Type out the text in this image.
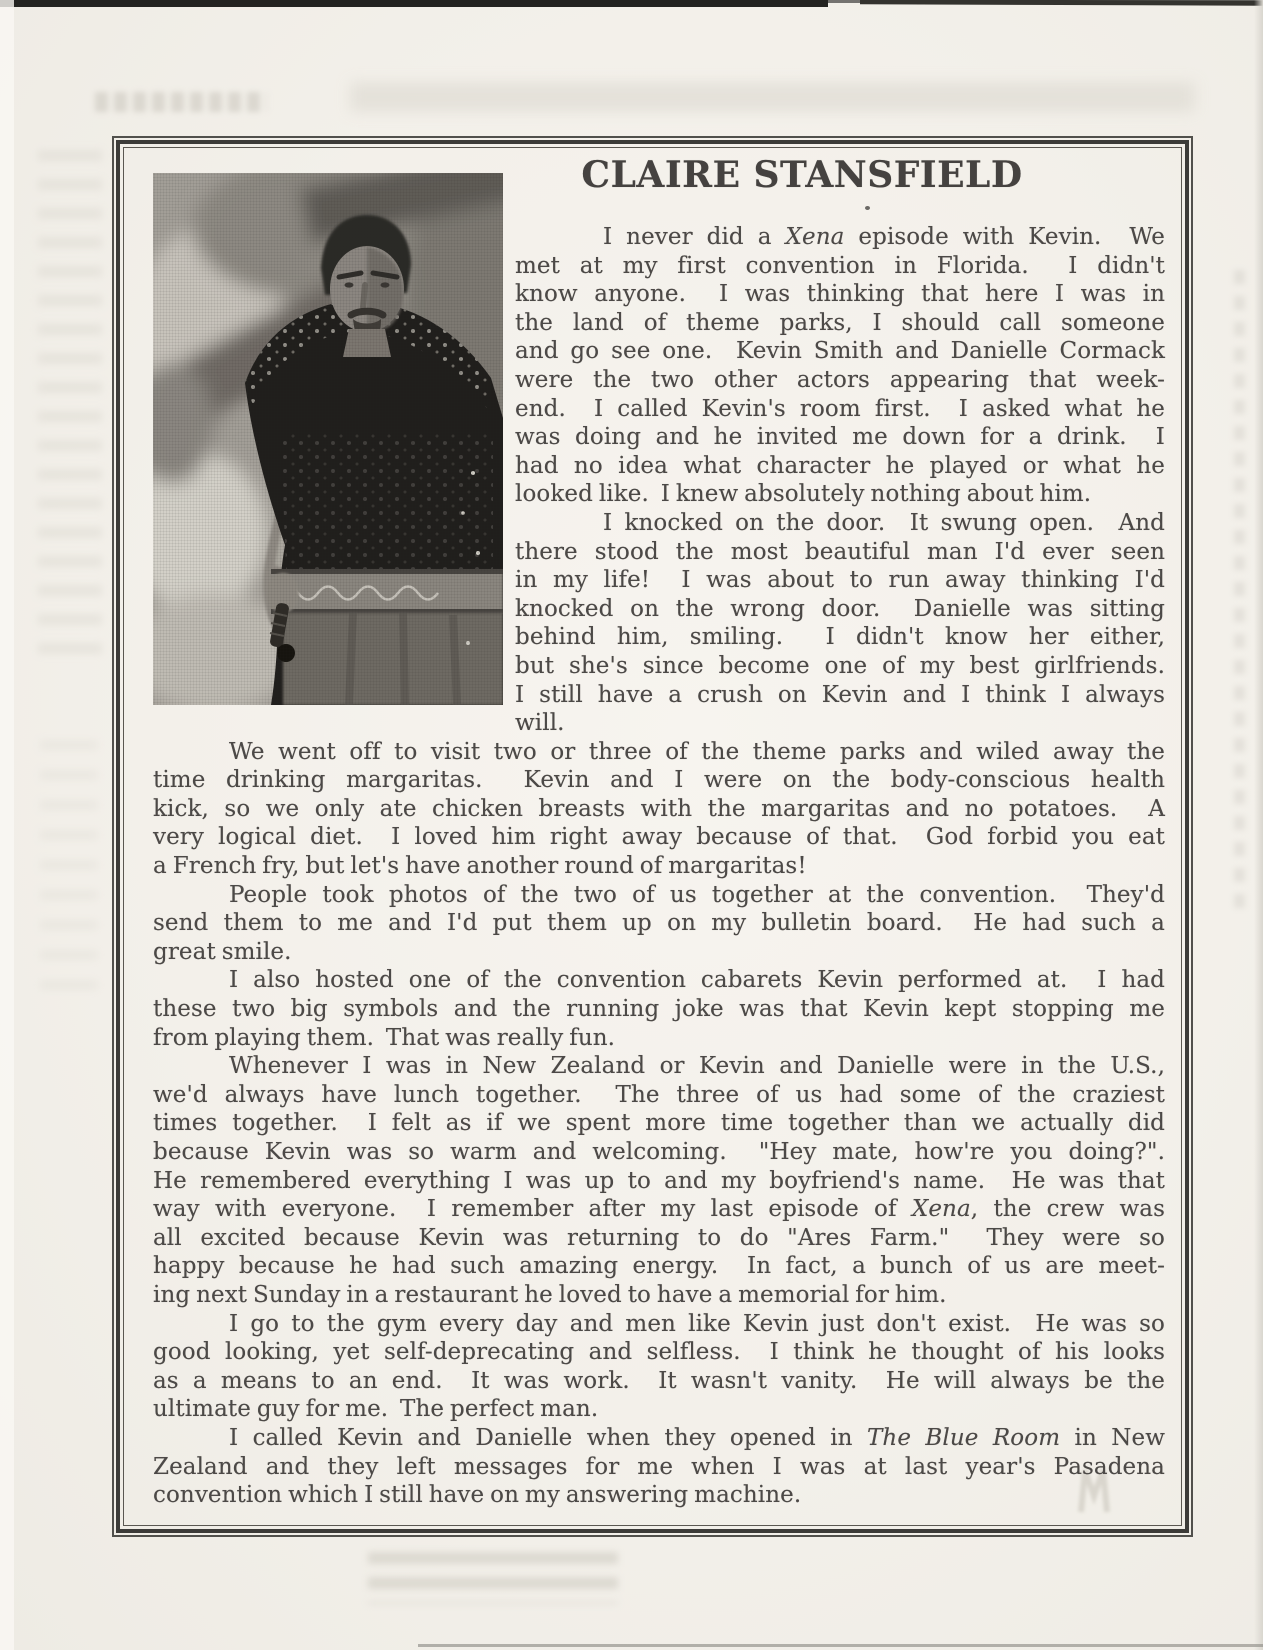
CLAIRE STANSFIELD
I never did a Xena episode with Kevin.  We
met at my first convention in Florida.  I didn't
know anyone.  I was thinking that here I was in
the land of theme parks, I should call someone
and go see one.  Kevin Smith and Danielle Cormack
were the two other actors appearing that week-
end.  I called Kevin's room first.  I asked what he
was doing and he invited me down for a drink.  I
had no idea what character he played or what he
looked like.  I knew absolutely nothing about him.
I knocked on the door.  It swung open.  And
there stood the most beautiful man I'd ever seen
in my life!  I was about to run away thinking I'd
knocked on the wrong door.  Danielle was sitting
behind him, smiling.  I didn't know her either,
but she's since become one of my best girlfriends.
I still have a crush on Kevin and I think I always
will.
We went off to visit two or three of the theme parks and wiled away the
time drinking margaritas.  Kevin and I were on the body-conscious health
kick, so we only ate chicken breasts with the margaritas and no potatoes.  A
very logical diet.  I loved him right away because of that.  God forbid you eat
a French fry, but let's have another round of margaritas!
People took photos of the two of us together at the convention.  They'd
send them to me and I'd put them up on my bulletin board.  He had such a
great smile.
I also hosted one of the convention cabarets Kevin performed at.  I had
these two big symbols and the running joke was that Kevin kept stopping me
from playing them.  That was really fun.
Whenever I was in New Zealand or Kevin and Danielle were in the U.S.,
we'd always have lunch together.  The three of us had some of the craziest
times together.  I felt as if we spent more time together than we actually did
because Kevin was so warm and welcoming.  "Hey mate, how're you doing?".
He remembered everything I was up to and my boyfriend's name.  He was that
way with everyone.  I remember after my last episode of Xena, the crew was
all excited because Kevin was returning to do "Ares Farm."  They were so
happy because he had such amazing energy.  In fact, a bunch of us are meet-
ing next Sunday in a restaurant he loved to have a memorial for him.
I go to the gym every day and men like Kevin just don't exist.  He was so
good looking, yet self-deprecating and selfless.  I think he thought of his looks
as a means to an end.  It was work.  It wasn't vanity.  He will always be the
ultimate guy for me.  The perfect man.
I called Kevin and Danielle when they opened in The Blue Room in New
Zealand and they left messages for me when I was at last year's Pasadena
convention which I still have on my answering machine.
